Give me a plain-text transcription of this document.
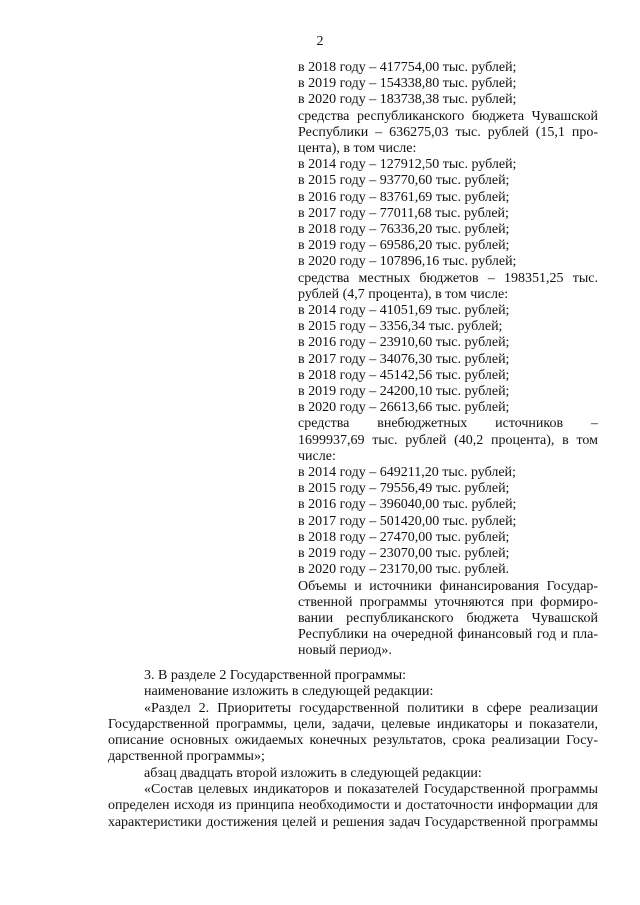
2
в 2018 году – 417754,00 тыс. рублей;
в 2019 году – 154338,80 тыс. рублей;
в 2020 году – 183738,38 тыс. рублей;
средства республиканского бюджета Чувашской
Республики – 636275,03 тыс. рублей (15,1 про-
цента), в том числе:
в 2014 году – 127912,50 тыс. рублей;
в 2015 году – 93770,60 тыс. рублей;
в 2016 году – 83761,69 тыс. рублей;
в 2017 году – 77011,68 тыс. рублей;
в 2018 году – 76336,20 тыс. рублей;
в 2019 году – 69586,20 тыс. рублей;
в 2020 году – 107896,16 тыс. рублей;
средства местных бюджетов – 198351,25 тыс.
рублей (4,7 процента), в том числе:
в 2014 году – 41051,69 тыс. рублей;
в 2015 году – 3356,34 тыс. рублей;
в 2016 году – 23910,60 тыс. рублей;
в 2017 году – 34076,30 тыс. рублей;
в 2018 году – 45142,56 тыс. рублей;
в 2019 году – 24200,10 тыс. рублей;
в 2020 году – 26613,66 тыс. рублей;
средства внебюджетных источников –
1699937,69 тыс. рублей (40,2 процента), в том
числе:
в 2014 году – 649211,20 тыс. рублей;
в 2015 году – 79556,49 тыс. рублей;
в 2016 году – 396040,00 тыс. рублей;
в 2017 году – 501420,00 тыс. рублей;
в 2018 году – 27470,00 тыс. рублей;
в 2019 году – 23070,00 тыс. рублей;
в 2020 году – 23170,00 тыс. рублей.
Объемы и источники финансирования Государ-
ственной программы уточняются при формиро-
вании республиканского бюджета Чувашской
Республики на очередной финансовый год и пла-
новый период».
3. В разделе 2 Государственной программы:
наименование изложить в следующей редакции:
«Раздел 2. Приоритеты государственной политики в сфере реализации
Государственной программы, цели, задачи, целевые индикаторы и показатели,
описание основных ожидаемых конечных результатов, срока реализации Госу-
дарственной программы»;
абзац двадцать второй изложить в следующей редакции:
«Состав целевых индикаторов и показателей Государственной программы
определен исходя из принципа необходимости и достаточности информации для
характеристики достижения целей и решения задач Государственной программы
